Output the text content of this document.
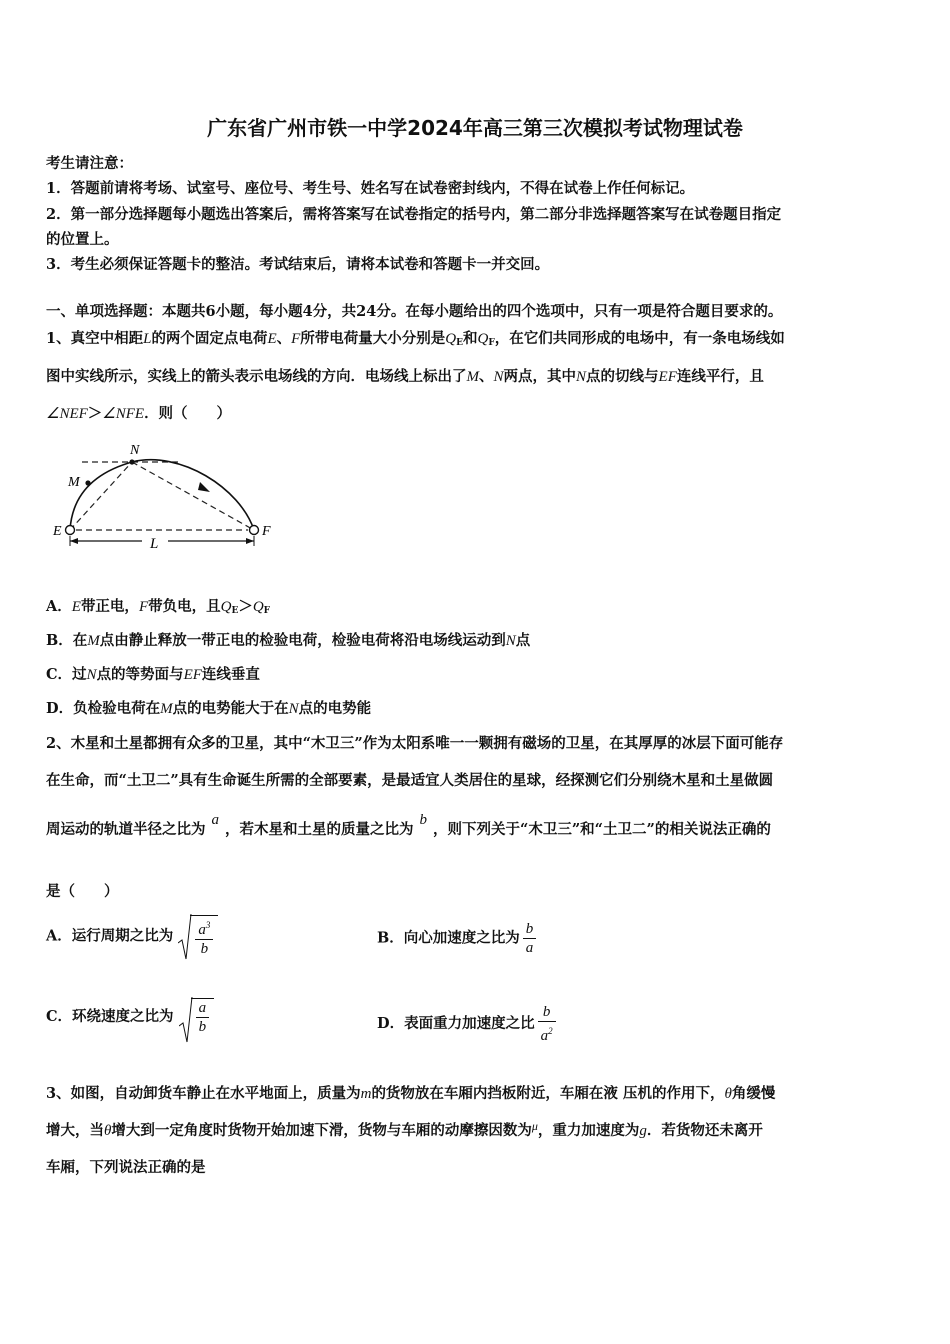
广东省广州市铁一中学2024年高三第三次模拟考试物理试卷
考生请注意：
1．答题前请将考场、试室号、座位号、考生号、姓名写在试卷密封线内，不得在试卷上作任何标记。
2．第一部分选择题每小题选出答案后，需将答案写在试卷指定的括号内，第二部分非选择题答案写在试卷题目指定
的位置上。
3．考生必须保证答题卡的整洁。考试结束后，请将本试卷和答题卡一并交回。
一、单项选择题：本题共6小题，每小题4分，共24分。在每小题给出的四个选项中，只有一项是符合题目要求的。
1、真空中相距L的两个固定点电荷E、F所带电荷量大小分别是$Q_E$和$Q_F$，在它们共同形成的电场中，有一条电场线如
图中实线所示，实线上的箭头表示电场线的方向．电场线上标出了M、N两点，其中N点的切线与EF连线平行，且
∠NEF＞∠NFE．则（　　）
N
M
E	F
L
A．E带正电，F带负电，且$Q_E>Q_F$
B．在M点由静止释放一带正电的检验电荷，检验电荷将沿电场线运动到N点
C．过N点的等势面与EF连线垂直
D．负检验电荷在M点的电势能大于在N点的电势能
2、木星和土星都拥有众多的卫星，其中“木卫三”作为太阳系唯一一颗拥有磁场的卫星，在其厚厚的冰层下面可能存
在生命，而“土卫二”具有生命诞生所需的全部要素，是最适宜人类居住的星球，经探测它们分别绕木星和土星做圆
周运动的轨道半径之比为a，若木星和土星的质量之比为b，则下列关于“木卫三”和“土卫二”的相关说法正确的
是（　　）
A．运行周期之比为 $\frac{a^3}{b}$	B．向心加速度之比为 $\frac{b}{a}$
C．环绕速度之比为 $\frac{a}{b}$	D．表面重力加速度之比 $\frac{b}{a^2}$
3、如图，自动卸货车静止在水平地面上，质量为m的货物放在车厢内挡板附近，车厢在液 压机的作用下，θ角缓慢
增大，当θ增大到一定角度时货物开始加速下滑，货物与车厢的动摩擦因数为$^\mu$，重力加速度为g．若货物还未离开
车厢，下列说法正确的是
